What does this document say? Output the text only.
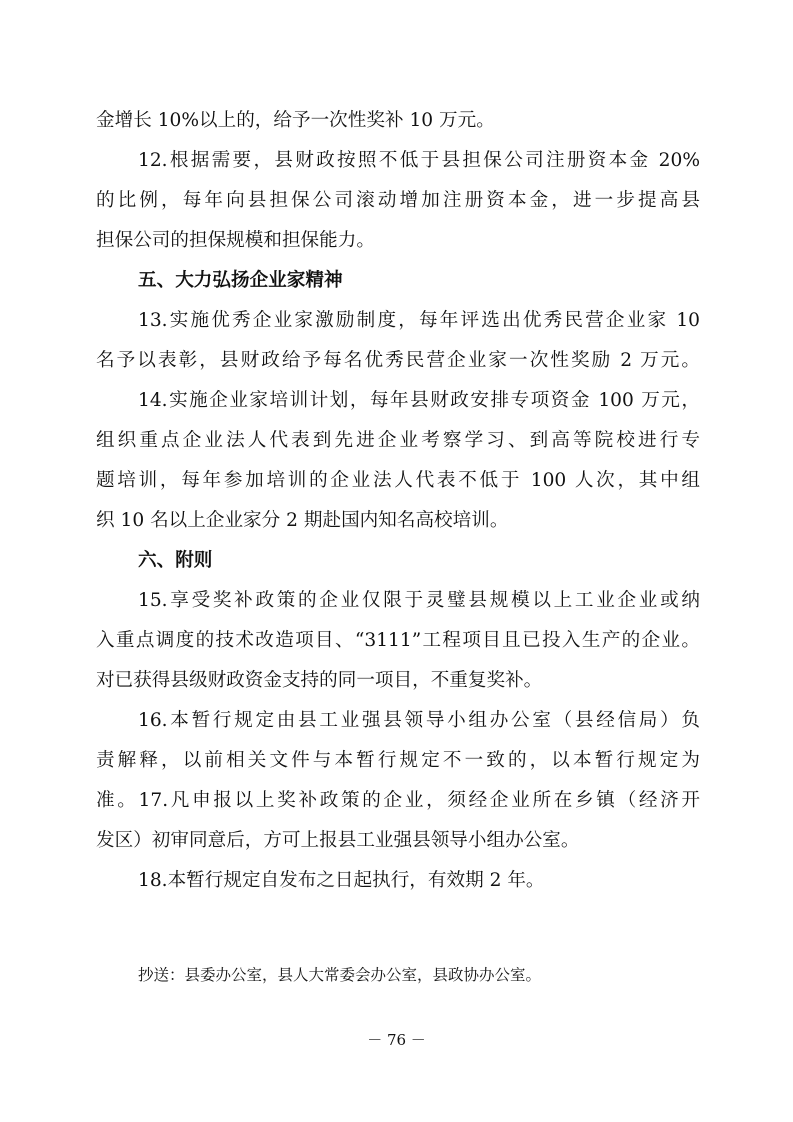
金增长 10%以上的，给予一次性奖补 10 万元。
12.根据需要，县财政按照不低于县担保公司注册资本金 20%
的比例，每年向县担保公司滚动增加注册资本金，进一步提高县
担保公司的担保规模和担保能力。
五、大力弘扬企业家精神
13.实施优秀企业家激励制度，每年评选出优秀民营企业家 10
名予以表彰，县财政给予每名优秀民营企业家一次性奖励 2 万元。
14.实施企业家培训计划，每年县财政安排专项资金 100 万元，
组织重点企业法人代表到先进企业考察学习、到高等院校进行专
题培训，每年参加培训的企业法人代表不低于 100 人次，其中组
织 10 名以上企业家分 2 期赴国内知名高校培训。
六、附则
15.享受奖补政策的企业仅限于灵璧县规模以上工业企业或纳
入重点调度的技术改造项目、“3111”工程项目且已投入生产的企业。
对已获得县级财政资金支持的同一项目，不重复奖补。
16.本暂行规定由县工业强县领导小组办公室（县经信局）负
责解释，以前相关文件与本暂行规定不一致的，以本暂行规定为
准。17.凡申报以上奖补政策的企业，须经企业所在乡镇（经济开
发区）初审同意后，方可上报县工业强县领导小组办公室。
18.本暂行规定自发布之日起执行，有效期 2 年。
抄送：县委办公室，县人大常委会办公室，县政协办公室。
－ 76 －
